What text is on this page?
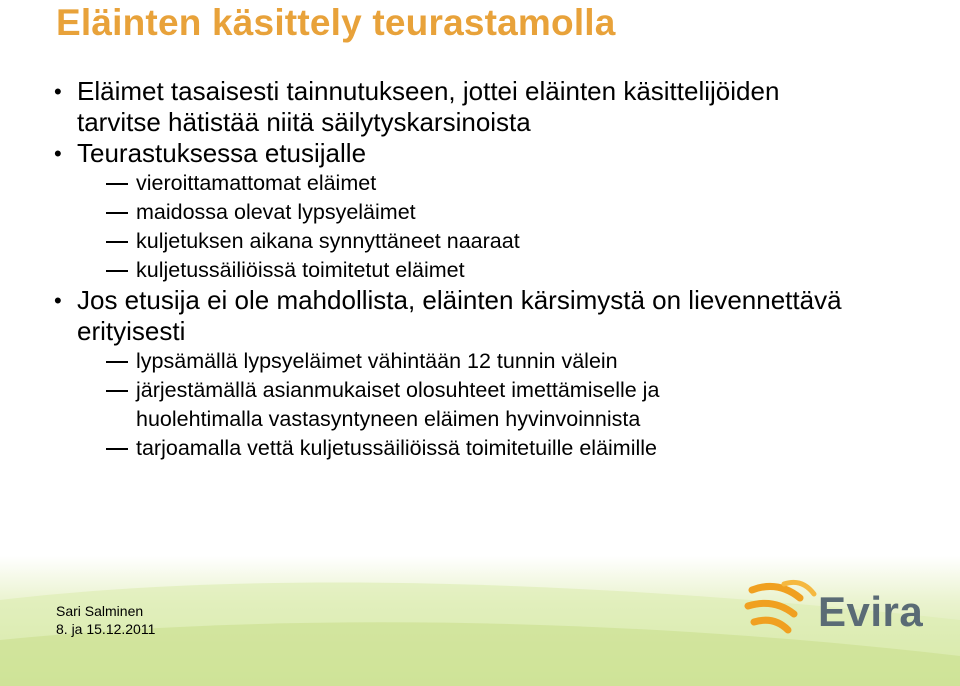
Eläinten käsittely teurastamolla
• Eläimet tasaisesti tainnutukseen, jottei eläinten käsittelijöiden tarvitse hätistää niitä säilytyskarsinoista
• Teurastuksessa etusijalle
vieroittamattomat eläimet
maidossa olevat lypsyeläimet
kuljetuksen aikana synnyttäneet naaraat
kuljetussäiliöissä toimitetut eläimet
• Jos etusija ei ole mahdollista, eläinten kärsimystä on lievennettävä erityisesti
lypsämällä lypsyeläimet vähintään 12 tunnin välein
järjestämällä asianmukaiset olosuhteet imettämiselle ja huolehtimalla vastasyntyneen eläimen hyvinvoinnista
tarjoamalla vettä kuljetussäiliöissä toimitetuille eläimille
Sari Salminen
8. ja 15.12.2011	Evira
